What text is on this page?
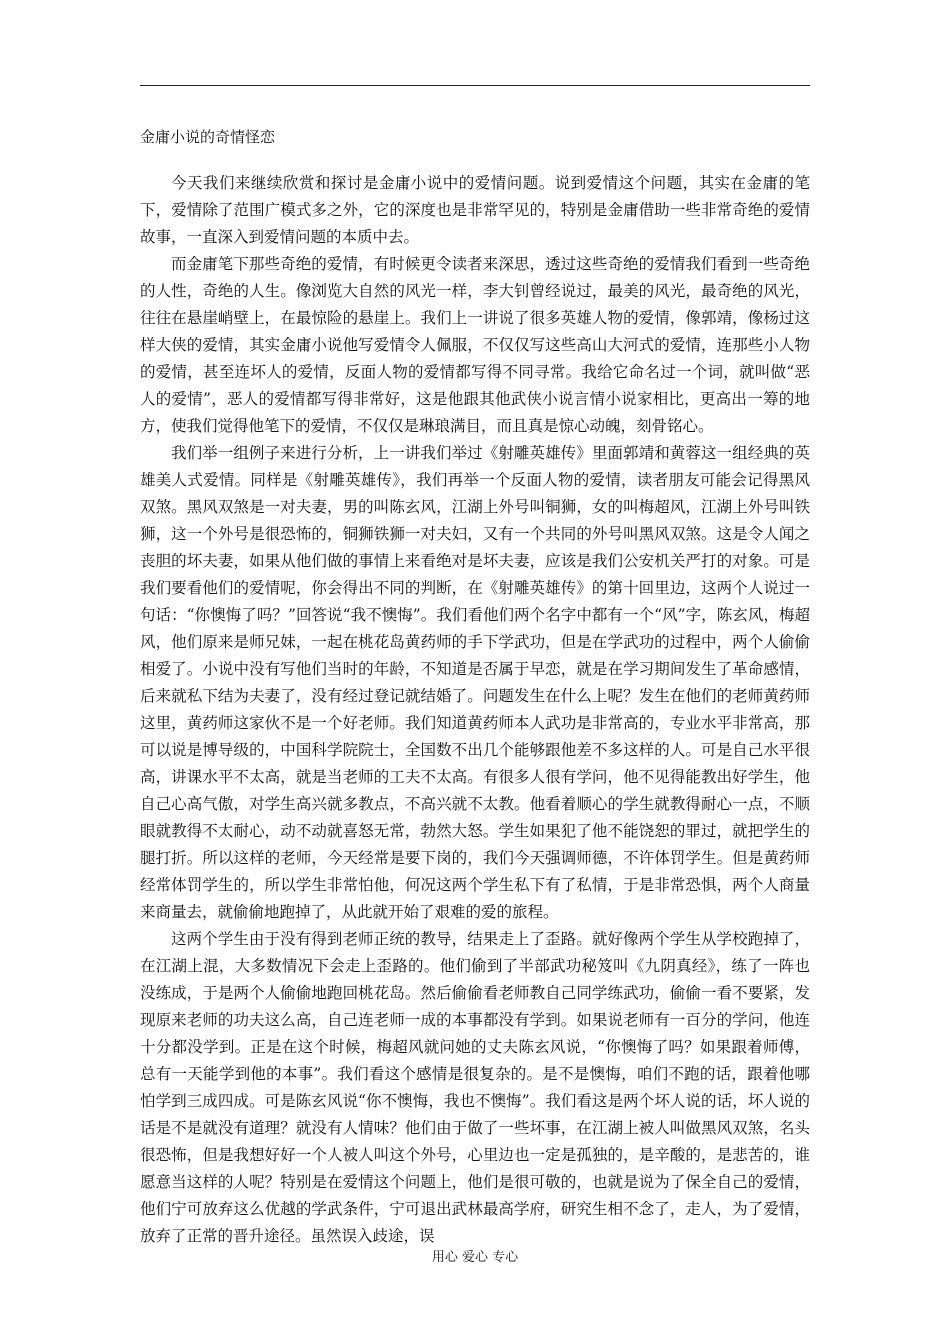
金庸小说的奇情怪恋

今天我们来继续欣赏和探讨是金庸小说中的爱情问题。说到爱情这个问题，其实在金庸的笔下，爱情除了范围广模式多之外，它的深度也是非常罕见的，特别是金庸借助一些非常奇绝的爱情故事，一直深入到爱情问题的本质中去。

而金庸笔下那些奇绝的爱情，有时候更令读者来深思，透过这些奇绝的爱情我们看到一些奇绝的人性，奇绝的人生。像浏览大自然的风光一样，李大钊曾经说过，最美的风光，最奇绝的风光，往往在悬崖峭壁上，在最惊险的悬崖上。我们上一讲说了很多英雄人物的爱情，像郭靖，像杨过这样大侠的爱情，其实金庸小说他写爱情令人佩服，不仅仅写这些高山大河式的爱情，连那些小人物的爱情，甚至连坏人的爱情，反面人物的爱情都写得不同寻常。我给它命名过一个词，就叫做“恶人的爱情”，恶人的爱情都写得非常好，这是他跟其他武侠小说言情小说家相比，更高出一筹的地方，使我们觉得他笔下的爱情，不仅仅是琳琅满目，而且真是惊心动魄，刻骨铭心。

我们举一组例子来进行分析，上一讲我们举过《射雕英雄传》里面郭靖和黄蓉这一组经典的英雄美人式爱情。同样是《射雕英雄传》，我们再举一个反面人物的爱情，读者朋友可能会记得黑风双煞。黑风双煞是一对夫妻，男的叫陈玄风，江湖上外号叫铜狮，女的叫梅超风，江湖上外号叫铁狮，这一个外号是很恐怖的，铜狮铁狮一对夫妇，又有一个共同的外号叫黑风双煞。这是令人闻之丧胆的坏夫妻，如果从他们做的事情上来看绝对是坏夫妻，应该是我们公安机关严打的对象。可是我们要看他们的爱情呢，你会得出不同的判断，在《射雕英雄传》的第十回里边，这两个人说过一句话：“你懊悔了吗？”回答说“我不懊悔”。我们看他们两个名字中都有一个“风”字，陈玄风，梅超风，他们原来是师兄妹，一起在桃花岛黄药师的手下学武功，但是在学武功的过程中，两个人偷偷相爱了。小说中没有写他们当时的年龄，不知道是否属于早恋，就是在学习期间发生了革命感情，后来就私下结为夫妻了，没有经过登记就结婚了。问题发生在什么上呢？发生在他们的老师黄药师这里，黄药师这家伙不是一个好老师。我们知道黄药师本人武功是非常高的，专业水平非常高，那可以说是博导级的，中国科学院院士，全国数不出几个能够跟他差不多这样的人。可是自己水平很高，讲课水平不太高，就是当老师的工夫不太高。有很多人很有学问，他不见得能教出好学生，他自己心高气傲，对学生高兴就多教点，不高兴就不太教。他看着顺心的学生就教得耐心一点，不顺眼就教得不太耐心，动不动就喜怒无常，勃然大怒。学生如果犯了他不能饶恕的罪过，就把学生的腿打折。所以这样的老师，今天经常是要下岗的，我们今天强调师德，不许体罚学生。但是黄药师经常体罚学生的，所以学生非常怕他，何况这两个学生私下有了私情，于是非常恐惧，两个人商量来商量去，就偷偷地跑掉了，从此就开始了艰难的爱的旅程。

这两个学生由于没有得到老师正统的教导，结果走上了歪路。就好像两个学生从学校跑掉了，在江湖上混，大多数情况下会走上歪路的。他们偷到了半部武功秘笈叫《九阴真经》，练了一阵也没练成，于是两个人偷偷地跑回桃花岛。然后偷偷看老师教自己同学练武功，偷偷一看不要紧，发现原来老师的功夫这么高，自己连老师一成的本事都没有学到。如果说老师有一百分的学问，他连十分都没学到。正是在这个时候，梅超风就问她的丈夫陈玄风说，“你懊悔了吗？如果跟着师傅，总有一天能学到他的本事”。我们看这个感情是很复杂的。是不是懊悔，咱们不跑的话，跟着他哪怕学到三成四成。可是陈玄风说“你不懊悔，我也不懊悔”。我们看这是两个坏人说的话，坏人说的话是不是就没有道理？就没有人情味？他们由于做了一些坏事，在江湖上被人叫做黑风双煞，名头很恐怖，但是我想好好一个人被人叫这个外号，心里边也一定是孤独的，是辛酸的，是悲苦的，谁愿意当这样的人呢？特别是在爱情这个问题上，他们是很可敬的，也就是说为了保全自己的爱情，他们宁可放弃这么优越的学武条件，宁可退出武林最高学府，研究生相不念了，走人，为了爱情，放弃了正常的晋升途径。虽然误入歧途，误

用心 爱心 专心
